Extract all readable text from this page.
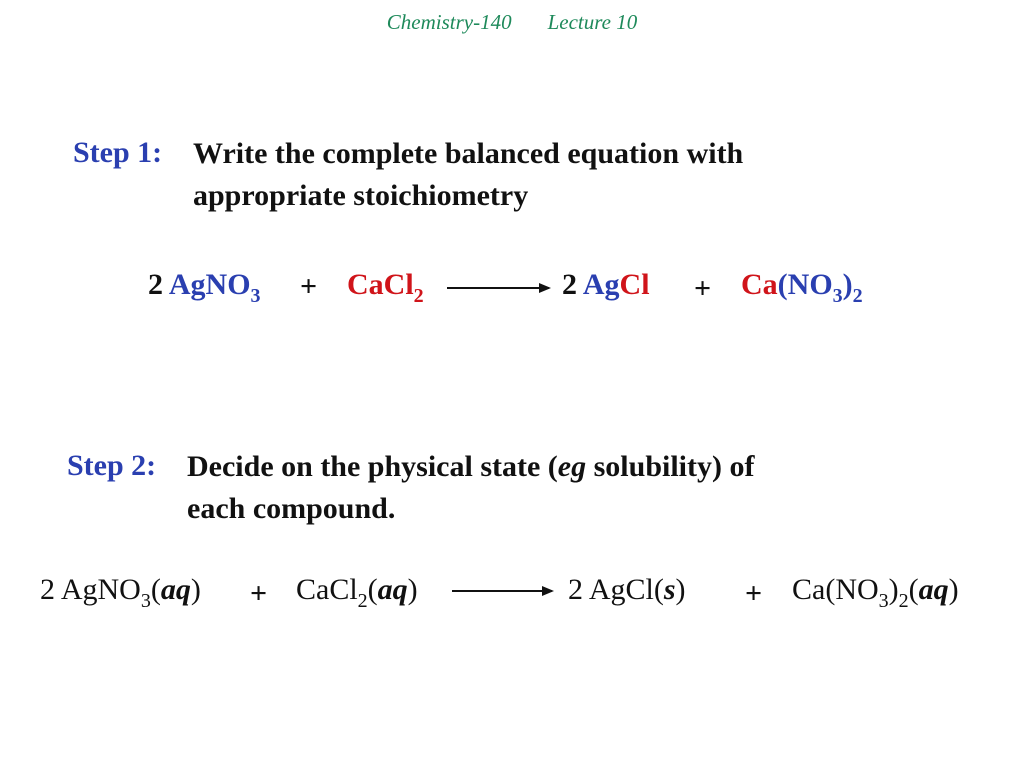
Chemistry-140 Lecture 10
Step 1: Write the complete balanced equation with
appropriate stoichiometry
2 AgNO$_3$ + CaCl$_2$	2 AgCl + $Ca(NO_3)_2$
Step 2: Decide on the physical state (eg solubility) of
each compound.
2 AgNO$_3$(aq) + CaCl$_2$(aq)	2 AgCl(s) + $Ca(NO_3)_2(aq)$
